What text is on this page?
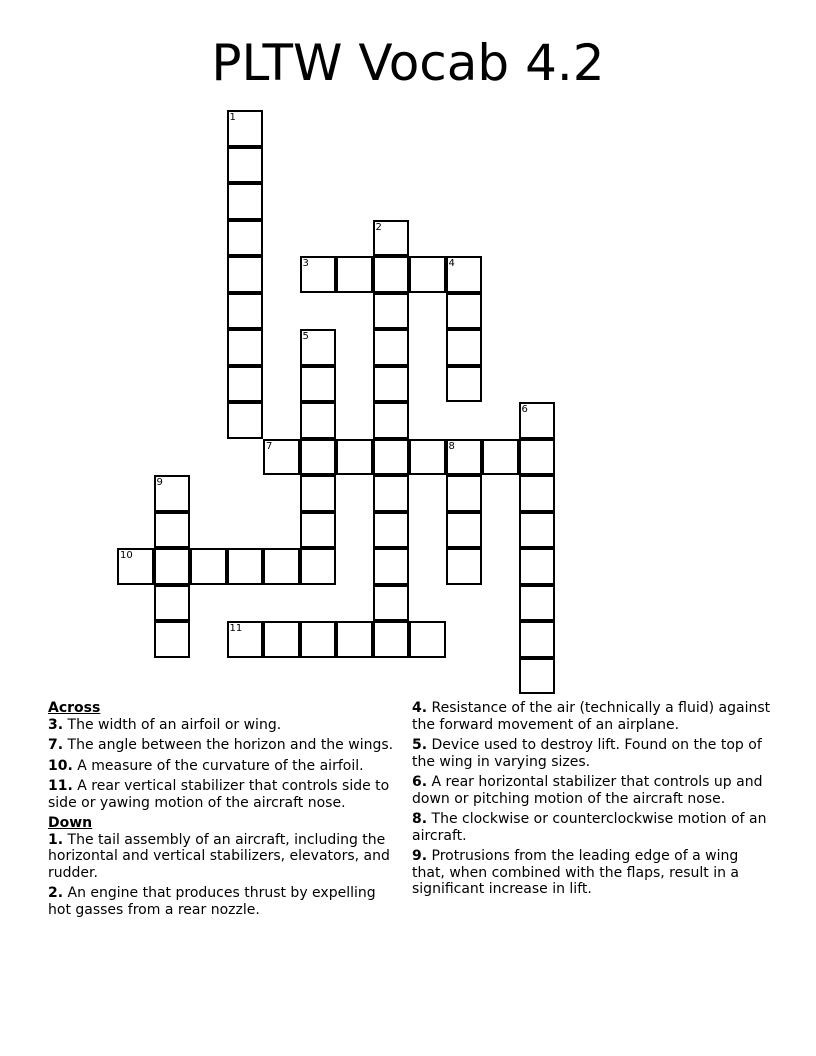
PLTW Vocab 4.2
1
2
3	4
5
6
7	8
9
10
11
Across
3. The width of an airfoil or wing.
7. The angle between the horizon and the wings.
10. A measure of the curvature of the airfoil.
11. A rear vertical stabilizer that controls side to side or yawing motion of the aircraft nose.
Down
1. The tail assembly of an aircraft, including the horizontal and vertical stabilizers, elevators, and rudder.
2. An engine that produces thrust by expelling hot gasses from a rear nozzle.
4. Resistance of the air (technically a fluid) against the forward movement of an airplane.
5. Device used to destroy lift. Found on the top of the wing in varying sizes.
6. A rear horizontal stabilizer that controls up and down or pitching motion of the aircraft nose.
8. The clockwise or counterclockwise motion of an aircraft.
9. Protrusions from the leading edge of a wing that, when combined with the flaps, result in a significant increase in lift.
